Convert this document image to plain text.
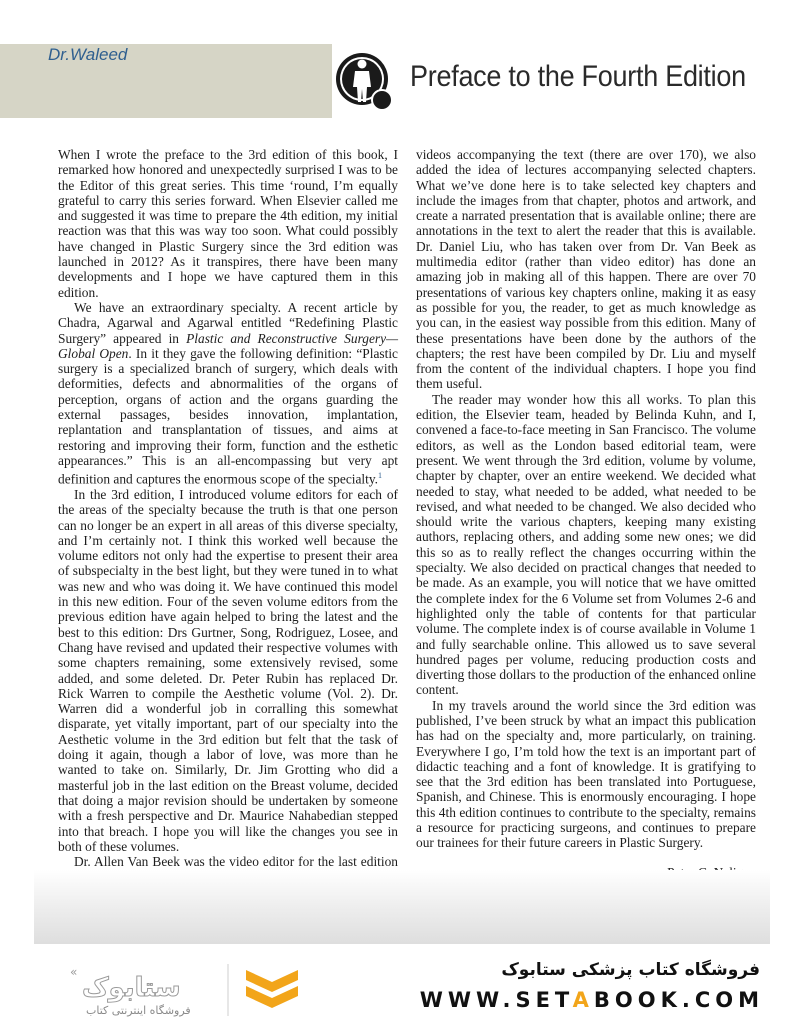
Dr.Waleed
Preface to the Fourth Edition

When I wrote the preface to the 3rd edition of this book, I remarked how honored and unexpectedly surprised I was to be the Editor of this great series. This time ‘round, I’m equally grateful to carry this series forward. When Elsevier called me and suggested it was time to prepare the 4th edition, my initial reaction was that this was way too soon. What could possibly have changed in Plastic Surgery since the 3rd edition was launched in 2012? As it transpires, there have been many developments and I hope we have captured them in this edition.

We have an extraordinary specialty. A recent article by Chadra, Agarwal and Agarwal entitled “Redefining Plastic Surgery” appeared in Plastic and Reconstructive Surgery—Global Open. In it they gave the following definition: “Plastic surgery is a specialized branch of surgery, which deals with deformities, defects and abnormalities of the organs of perception, organs of action and the organs guarding the external passages, besides innovation, implantation, replantation and transplantation of tissues, and aims at restoring and improving their form, function and the esthetic appearances.” This is an all-encompassing but very apt definition and captures the enormous scope of the specialty.$^1$

In the 3rd edition, I introduced volume editors for each of the areas of the specialty because the truth is that one person can no longer be an expert in all areas of this diverse specialty, and I’m certainly not. I think this worked well because the volume editors not only had the expertise to present their area of subspecialty in the best light, but they were tuned in to what was new and who was doing it. We have continued this model in this new edition. Four of the seven volume editors from the previous edition have again helped to bring the latest and the best to this edition: Drs Gurtner, Song, Rodriguez, Losee, and Chang have revised and updated their respective volumes with some chapters remaining, some extensively revised, some added, and some deleted. Dr. Peter Rubin has replaced Dr. Rick Warren to compile the Aesthetic volume (Vol. 2). Dr. Warren did a wonderful job in corralling this somewhat disparate, yet vitally important, part of our specialty into the Aesthetic volume in the 3rd edition but felt that the task of doing it again, though a labor of love, was more than he wanted to take on. Similarly, Dr. Jim Grotting who did a masterful job in the last edition on the Breast volume, decided that doing a major revision should be undertaken by someone with a fresh perspective and Dr. Maurice Nahabedian stepped into that breach. I hope you will like the changes you see in both of these volumes.

Dr. Allen Van Beek was the video editor for the last edition

videos accompanying the text (there are over 170), we also added the idea of lectures accompanying selected chapters. What we’ve done here is to take selected key chapters and include the images from that chapter, photos and artwork, and create a narrated presentation that is available online; there are annotations in the text to alert the reader that this is available. Dr. Daniel Liu, who has taken over from Dr. Van Beek as multimedia editor (rather than video editor) has done an amazing job in making all of this happen. There are over 70 presentations of various key chapters online, making it as easy as possible for you, the reader, to get as much knowledge as you can, in the easiest way possible from this edition. Many of these presentations have been done by the authors of the chapters; the rest have been compiled by Dr. Liu and myself from the content of the individual chapters. I hope you find them useful.

The reader may wonder how this all works. To plan this edition, the Elsevier team, headed by Belinda Kuhn, and I, convened a face-to-face meeting in San Francisco. The volume editors, as well as the London based editorial team, were present. We went through the 3rd edition, volume by volume, chapter by chapter, over an entire weekend. We decided what needed to stay, what needed to be added, what needed to be revised, and what needed to be changed. We also decided who should write the various chapters, keeping many existing authors, replacing others, and adding some new ones; we did this so as to really reflect the changes occurring within the specialty. We also decided on practical changes that needed to be made. As an example, you will notice that we have omitted the complete index for the 6 Volume set from Volumes 2-6 and highlighted only the table of contents for that particular volume. The complete index is of course available in Volume 1 and fully searchable online. This allowed us to save several hundred pages per volume, reducing production costs and diverting those dollars to the production of the enhanced online content.

In my travels around the world since the 3rd edition was published, I’ve been struck by what an impact this publication has had on the specialty and, more particularly, on training. Everywhere I go, I’m told how the text is an important part of didactic teaching and a font of knowledge. It is gratifying to see that the 3rd edition has been translated into Portuguese, Spanish, and Chinese. This is enormously encouraging. I hope this 4th edition continues to contribute to the specialty, remains a resource for practicing surgeons, and continues to prepare our trainees for their future careers in Plastic Surgery.

«
ستابوک
فروشگاه اینترنتی کتاب
فروشگاه کتاب پزشکی ستابوک
WWW.SETABOOK.COM
